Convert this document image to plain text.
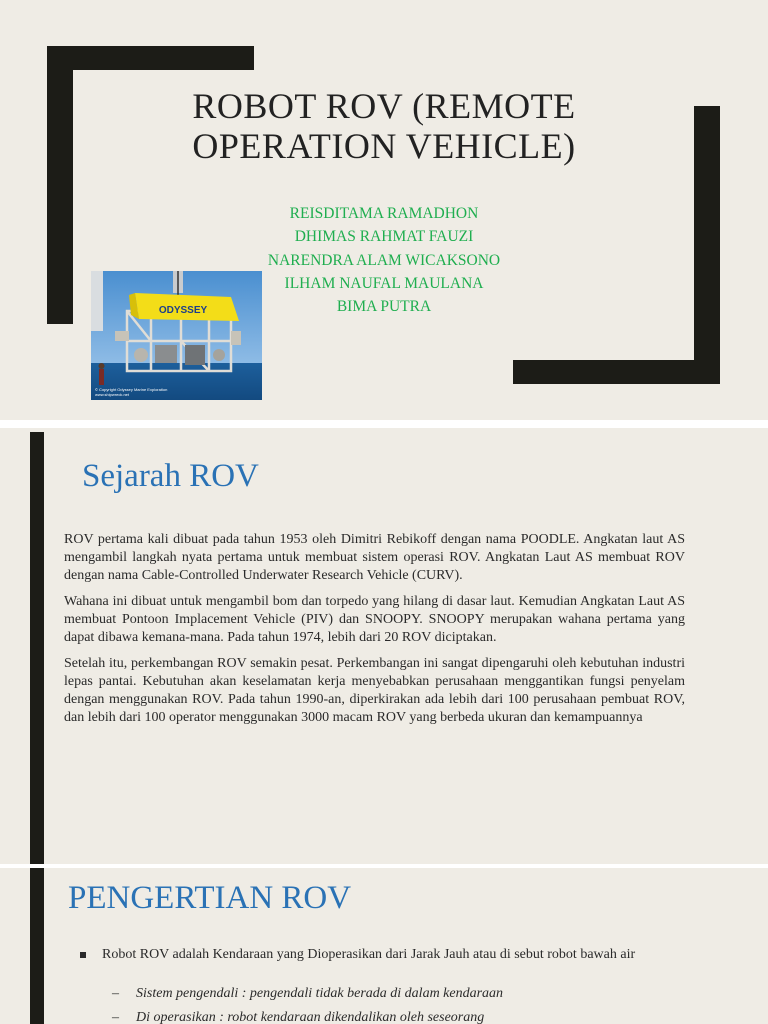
ROBOT ROV (REMOTE
OPERATION VEHICLE)
REISDITAMA RAMADHON
DHIMAS RAHMAT FAUZI
NARENDRA ALAM WICAKSONO
ILHAM NAUFAL MAULANA
BIMA PUTRA
ODYSSEY
© Copyright Odyssey Marine Exploration
www.shipwreck.net
Sejarah ROV

ROV pertama kali dibuat pada tahun 1953 oleh Dimitri Rebikoff dengan nama POODLE. Angkatan laut AS mengambil langkah nyata pertama untuk membuat sistem operasi ROV. Angkatan Laut AS membuat ROV dengan nama Cable-Controlled Underwater Research Vehicle (CURV).

Wahana ini dibuat untuk mengambil bom dan torpedo yang hilang di dasar laut. Kemudian Angkatan Laut AS membuat Pontoon Implacement Vehicle (PIV) dan SNOOPY. SNOOPY merupakan wahana pertama yang dapat dibawa kemana-mana. Pada tahun 1974, lebih dari 20 ROV diciptakan.

Setelah itu, perkembangan ROV semakin pesat. Perkembangan ini sangat dipengaruhi oleh kebutuhan industri lepas pantai. Kebutuhan akan keselamatan kerja menyebabkan perusahaan menggantikan fungsi penyelam dengan menggunakan ROV. Pada tahun 1990-an, diperkirakan ada lebih dari 100 perusahaan pembuat ROV, dan lebih dari 100 operator menggunakan 3000 macam ROV yang berbeda ukuran dan kemampuannya

PENGERTIAN ROV
Robot ROV adalah Kendaraan yang Dioperasikan dari Jarak Jauh atau di sebut robot bawah air
– Sistem pengendali : pengendali tidak berada di dalam kendaraan
– Di operasikan : robot kendaraan dikendalikan oleh seseorang
